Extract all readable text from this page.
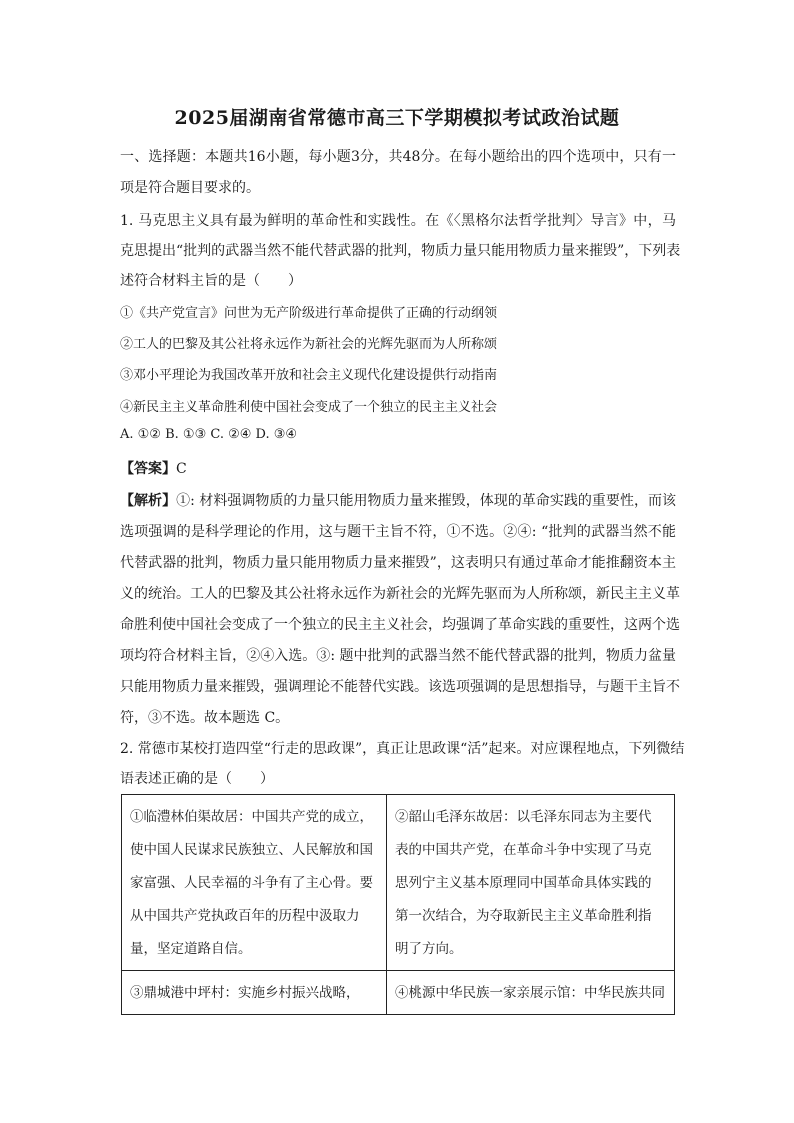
2025届湖南省常德市高三下学期模拟考试政治试题
一、选择题：本题共16小题，每小题3分，共48分。在每小题给出的四个选项中，只有一
项是符合题目要求的。
1. 马克思主义具有最为鲜明的革命性和实践性。在《〈黑格尔法哲学批判〉导言》中，马
克思提出“批判的武器当然不能代替武器的批判，物质力量只能用物质力量来摧毁”，下列表
述符合材料主旨的是（　　）
①《共产党宣言》问世为无产阶级进行革命提供了正确的行动纲领
②工人的巴黎及其公社将永远作为新社会的光辉先驱而为人所称颂
③邓小平理论为我国改革开放和社会主义现代化建设提供行动指南
④新民主主义革命胜利使中国社会变成了一个独立的民主主义社会
A. ①② B. ①③ C. ②④ D. ③④
【答案】C
【解析】①: 材料强调物质的力量只能用物质力量来摧毁，体现的革命实践的重要性，而该
选项强调的是科学理论的作用，这与题干主旨不符，①不选。②④: “批判的武器当然不能
代替武器的批判，物质力量只能用物质力量来摧毁”，这表明只有通过革命才能推翻资本主
义的统治。工人的巴黎及其公社将永远作为新社会的光辉先驱而为人所称颂，新民主主义革
命胜利使中国社会变成了一个独立的民主主义社会，均强调了革命实践的重要性，这两个选
项均符合材料主旨，②④入选。③: 题中批判的武器当然不能代替武器的批判，物质力盆量
只能用物质力量来摧毁，强调理论不能替代实践。该选项强调的是思想指导，与题干主旨不
符，③不选。故本题选 C。
2. 常德市某校打造四堂“行走的思政课”，真正让思政课“活”起来。对应课程地点，下列微结
语表述正确的是（　　）
①临澧林伯渠故居：中国共产党的成立，
使中国人民谋求民族独立、人民解放和国
家富强、人民幸福的斗争有了主心骨。要
从中国共产党执政百年的历程中汲取力
量，坚定道路自信。	②韶山毛泽东故居：以毛泽东同志为主要代
表的中国共产党，在革命斗争中实现了马克
思列宁主义基本原理同中国革命具体实践的
第一次结合，为夺取新民主主义革命胜利指
明了方向。

③鼎城港中坪村：实施乡村振兴战略，	④桃源中华民族一家亲展示馆：中华民族共同
